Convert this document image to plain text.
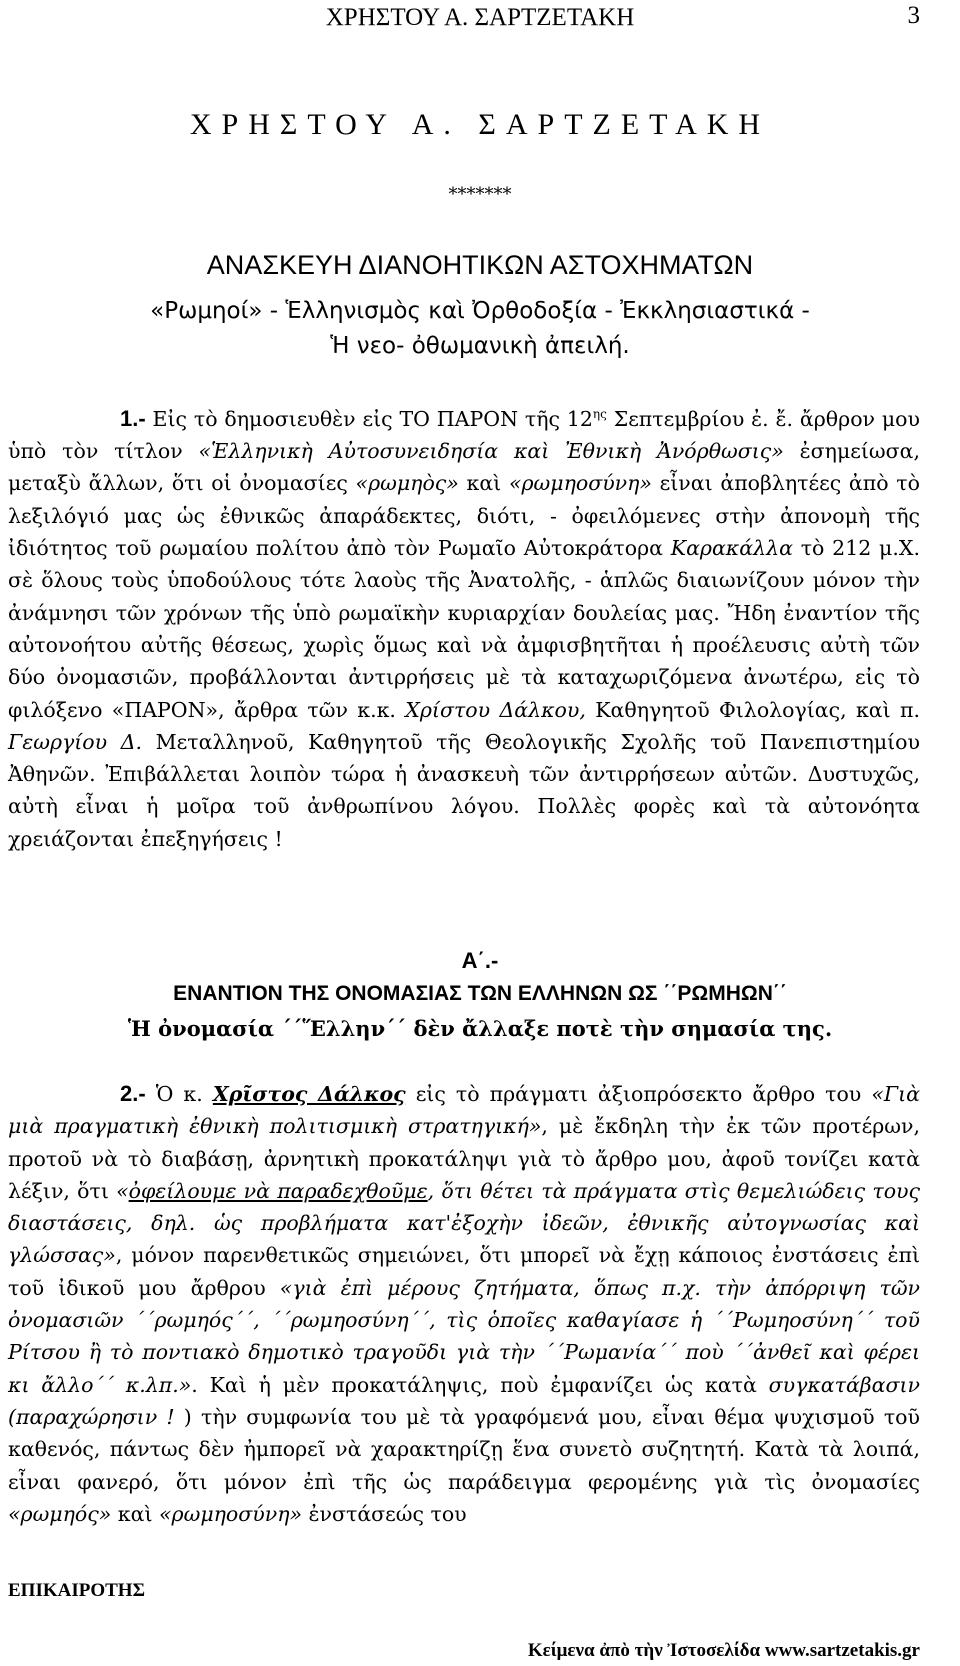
ΧΡΗΣΤΟΥ Α. ΣΑΡΤΖΕΤΑΚΗ	3
ΧΡΗΣΤΟΥ Α. ΣΑΡΤΖΕΤΑΚΗ
*******
ΑΝΑΣΚΕΥΗ ΔΙΑΝΟΗΤΙΚΩΝ ΑΣΤΟΧΗΜΑΤΩΝ
«Ρωμηοί» - Ἑλληνισμὸς καὶ Ὀρθοδοξία - Ἐκκλησιαστικά -
Ἡ νεο- ὀθωμανικὴ ἀπειλή.

1.- Εἰς τὸ δημοσιευθὲν εἰς ΤΟ ΠΑΡΟΝ τῆς $12^{\eta\varsigma}$ Σεπτεμβρίου ἐ. ἔ. ἄρθρον μου ὑπὸ τὸν τίτλον «Ἑλληνικὴ Αὐτοσυνειδησία καὶ Ἐθνικὴ Ἀνόρθωσις» ἐσημείωσα, μεταξὺ ἄλλων, ὅτι οἱ ὀνομασίες «ρωμηὸς» καὶ «ρωμηοσύνη» εἶναι ἀποβλητέες ἀπὸ τὸ λεξιλόγιό μας ὡς ἐθνικῶς ἀπαράδεκτες, διότι, - ὀφειλόμενες στὴν ἀπονομὴ τῆς ἰδιότητος τοῦ ρωμαίου πολίτου ἀπὸ τὸν Ρωμαῖο Αὐτοκράτορα Καρακάλλα τὸ 212 μ.Χ. σὲ ὅλους τοὺς ὑποδούλους τότε λαοὺς τῆς Ἀνατολῆς, - ἁπλῶς διαιωνίζουν μόνον τὴν ἀνάμνησι τῶν χρόνων τῆς ὑπὸ ρωμαϊκὴν κυριαρχίαν δουλείας μας. Ἤδη ἐναντίον τῆς αὐτονοήτου αὐτῆς θέσεως, χωρὶς ὅμως καὶ νὰ ἀμφισβητῆται ἡ προέλευσις αὐτὴ τῶν δύο ὀνομασιῶν, προβάλλονται ἀντιρρήσεις μὲ τὰ καταχωριζόμενα ἀνωτέρω, εἰς τὸ φιλόξενο «ΠΑΡΟΝ», ἄρθρα τῶν κ.κ. Χρίστου Δάλκου, Καθηγητοῦ Φιλολογίας, καὶ π. Γεωργίου Δ. Μεταλληνοῦ, Καθηγητοῦ τῆς Θεολογικῆς Σχολῆς τοῦ Πανεπιστημίου Ἀθηνῶν. Ἐπιβάλλεται λοιπὸν τώρα ἡ ἀνασκευὴ τῶν ἀντιρρήσεων αὐτῶν. Δυστυχῶς, αὐτὴ εἶναι ἡ μοῖρα τοῦ ἀνθρωπίνου λόγου. Πολλὲς φορὲς καὶ τὰ αὐτονόητα χρειάζονται ἐπεξηγήσεις !

Α΄.-
ΕΝΑΝΤΙΟΝ ΤΗΣ ΟΝΟΜΑΣΙΑΣ ΤΩΝ ΕΛΛΗΝΩΝ ΩΣ ΄΄ΡΩΜΗΩΝ΄΄
Ἡ ὀνομασία ΄΄Ἕλλην΄΄ δὲν ἄλλαξε ποτὲ τὴν σημασία της.

2.- Ὁ κ. Χρῖστος Δάλκος εἰς τὸ πράγματι ἀξιοπρόσεκτο ἄρθρο του «Γιὰ μιὰ πραγματικὴ ἐθνικὴ πολιτισμικὴ στρατηγική», μὲ ἔκδηλη τὴν ἐκ τῶν προτέρων, προτοῦ νὰ τὸ διαβάσῃ, ἀρνητικὴ προκατάληψι γιὰ τὸ ἄρθρο μου, ἀφοῦ τονίζει κατὰ λέξιν, ὅτι «ὀφείλουμε νὰ παραδεχθοῦμε, ὅτι θέτει τὰ πράγματα στὶς θεμελιώδεις τους διαστάσεις, δηλ. ὡς προβλήματα κατ'ἐξοχὴν ἰδεῶν, ἐθνικῆς αὐτογνωσίας καὶ γλώσσας», μόνον παρενθετικῶς σημειώνει, ὅτι μπορεῖ νὰ ἔχῃ κάποιος ἐνστάσεις ἐπὶ τοῦ ἰδικοῦ μου ἄρθρου «γιὰ ἐπὶ μέρους ζητήματα, ὅπως π.χ. τὴν ἀπόρριψη τῶν ὀνομασιῶν ΄΄ρωμηός΄΄, ΄΄ρωμηοσύνη΄΄, τὶς ὁποῖες καθαγίασε ἡ ΄΄Ρωμηοσύνη΄΄ τοῦ Ρίτσου ἢ τὸ ποντιακὸ δημοτικὸ τραγοῦδι γιὰ τὴν ΄΄Ρωμανία΄΄ ποὺ ΄΄ἀνθεῖ καὶ φέρει κι ἄλλο΄΄ κ.λπ.». Καὶ ἡ μὲν προκατάληψις, ποὺ ἐμφανίζει ὡς κατὰ συγκατάβασιν (παραχώρησιν ! ) τὴν συμφωνία του μὲ τὰ γραφόμενά μου, εἶναι θέμα ψυχισμοῦ τοῦ καθενός, πάντως δὲν ἠμπορεῖ νὰ χαρακτηρίζῃ ἕνα συνετὸ συζητητή. Κατὰ τὰ λοιπά, εἶναι φανερό, ὅτι μόνον ἐπὶ τῆς ὡς παράδειγμα φερομένης γιὰ τὶς ὀνομασίες «ρωμηός» καὶ «ρωμηοσύνη» ἐνστάσεώς του

ΕΠΙΚΑΙΡΟΤΗΣ
Κείμενα ἀπὸ τὴν Ἰστοσελίδα www.sartzetakis.gr
